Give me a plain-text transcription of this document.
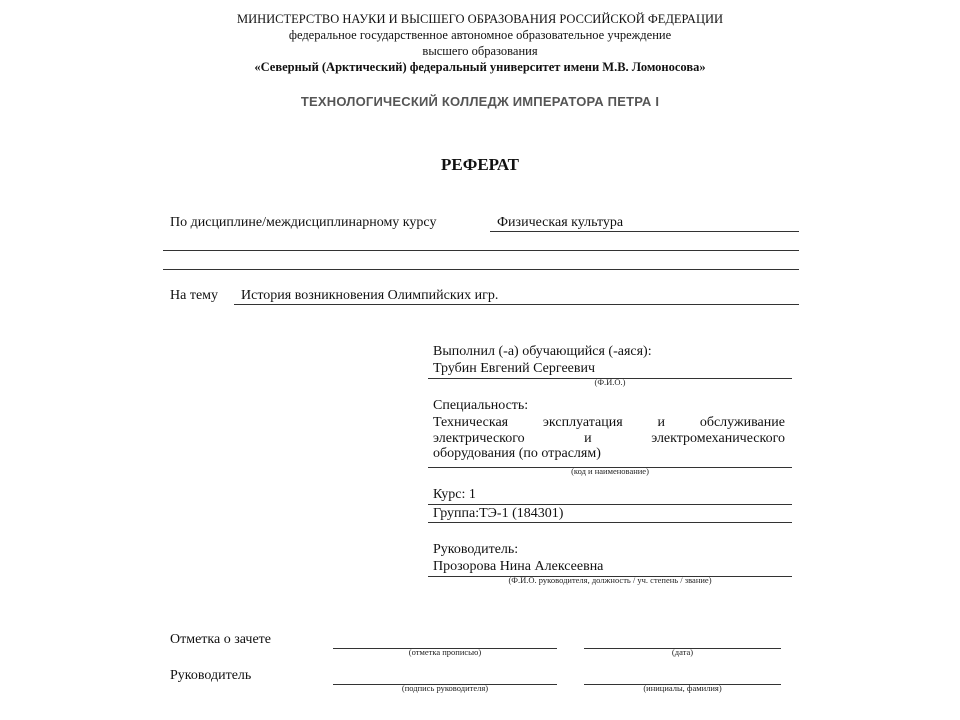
МИНИСТЕРСТВО НАУКИ И ВЫСШЕГО ОБРАЗОВАНИЯ РОССИЙСКОЙ ФЕДЕРАЦИИ
федеральное государственное автономное образовательное учреждение
высшего образования
«Северный (Арктический) федеральный университет имени М.В. Ломоносова»
ТЕХНОЛОГИЧЕСКИЙ КОЛЛЕДЖ ИМПЕРАТОРА ПЕТРА I
РЕФЕРАТ
По дисциплине/междисциплинарному курсу	Физическая культура
На тему История возникновения Олимпийских игр.
Выполнил (-а) обучающийся (-аяся):
Трубин Евгений Сергеевич
(Ф.И.О.)
Специальность:
Техническая эксплуатация и обслуживание
электрического	и	электромеханического
оборудования (по отраслям)
(код и наименование)
Курс: 1
Группа:ТЭ-1 (184301)
Руководитель:
Прозорова Нина Алексеевна
(Ф.И.О. руководителя, должность / уч. степень / звание)
Отметка о зачете
(отметка прописью)	(дата)
Руководитель
(подпись руководителя)	(инициалы, фамилия)
